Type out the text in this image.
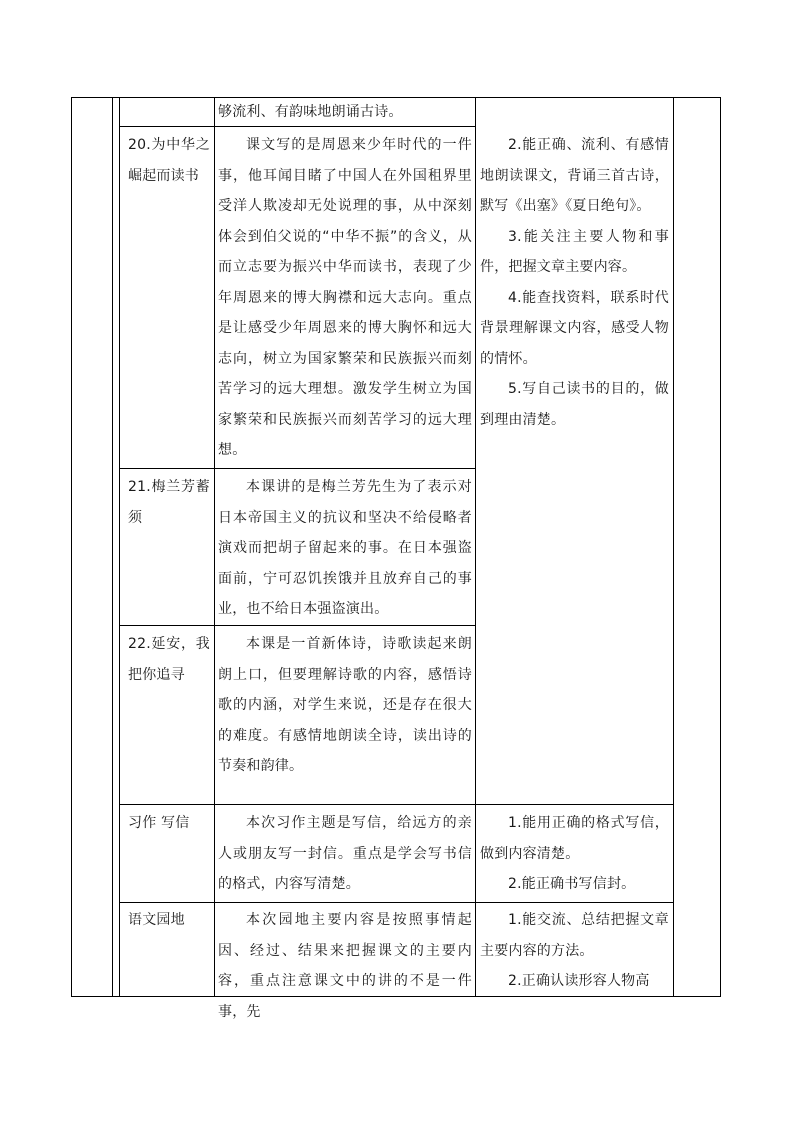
够流利、有韵味地朗诵古诗。

20.为中华之崛起而读书

课文写的是周恩来少年时代的一件事，他耳闻目睹了中国人在外国租界里受洋人欺凌却无处说理的事，从中深刻体会到伯父说的“中华不振”的含义，从而立志要为振兴中华而读书，表现了少年周恩来的博大胸襟和远大志向。重点是让感受少年周恩来的博大胸怀和远大志向，树立为国家繁荣和民族振兴而刻苦学习的远大理想。激发学生树立为国家繁荣和民族振兴而刻苦学习的远大理想。

21.梅兰芳蓄须

本课讲的是梅兰芳先生为了表示对日本帝国主义的抗议和坚决不给侵略者演戏而把胡子留起来的事。在日本强盗面前，宁可忍饥挨饿并且放弃自己的事业，也不给日本强盗演出。

22.延安，我把你追寻

本课是一首新体诗，诗歌读起来朗朗上口，但要理解诗歌的内容，感悟诗歌的内涵，对学生来说，还是存在很大的难度。有感情地朗读全诗，读出诗的节奏和韵律。

习作 写信	本次习作主题是写信，给远方的亲人或朋友写一封信。重点是学会写书信的格式，内容写清楚。

语文园地	本次园地主要内容是按照事情起因、经过、结果来把握课文的主要内容，重点注意课文中的讲的不是一件事，先

2.能正确、流利、有感情地朗读课文，背诵三首古诗，默写《出塞》《夏日绝句》。

3.能关注主要人物和事件，把握文章主要内容。

4.能查找资料，联系时代背景理解课文内容，感受人物的情怀。

5.写自己读书的目的，做到理由清楚。

1.能用正确的格式写信，做到内容清楚。

2.能正确书写信封。

1.能交流、总结把握文章主要内容的方法。

2.正确认读形容人物高
